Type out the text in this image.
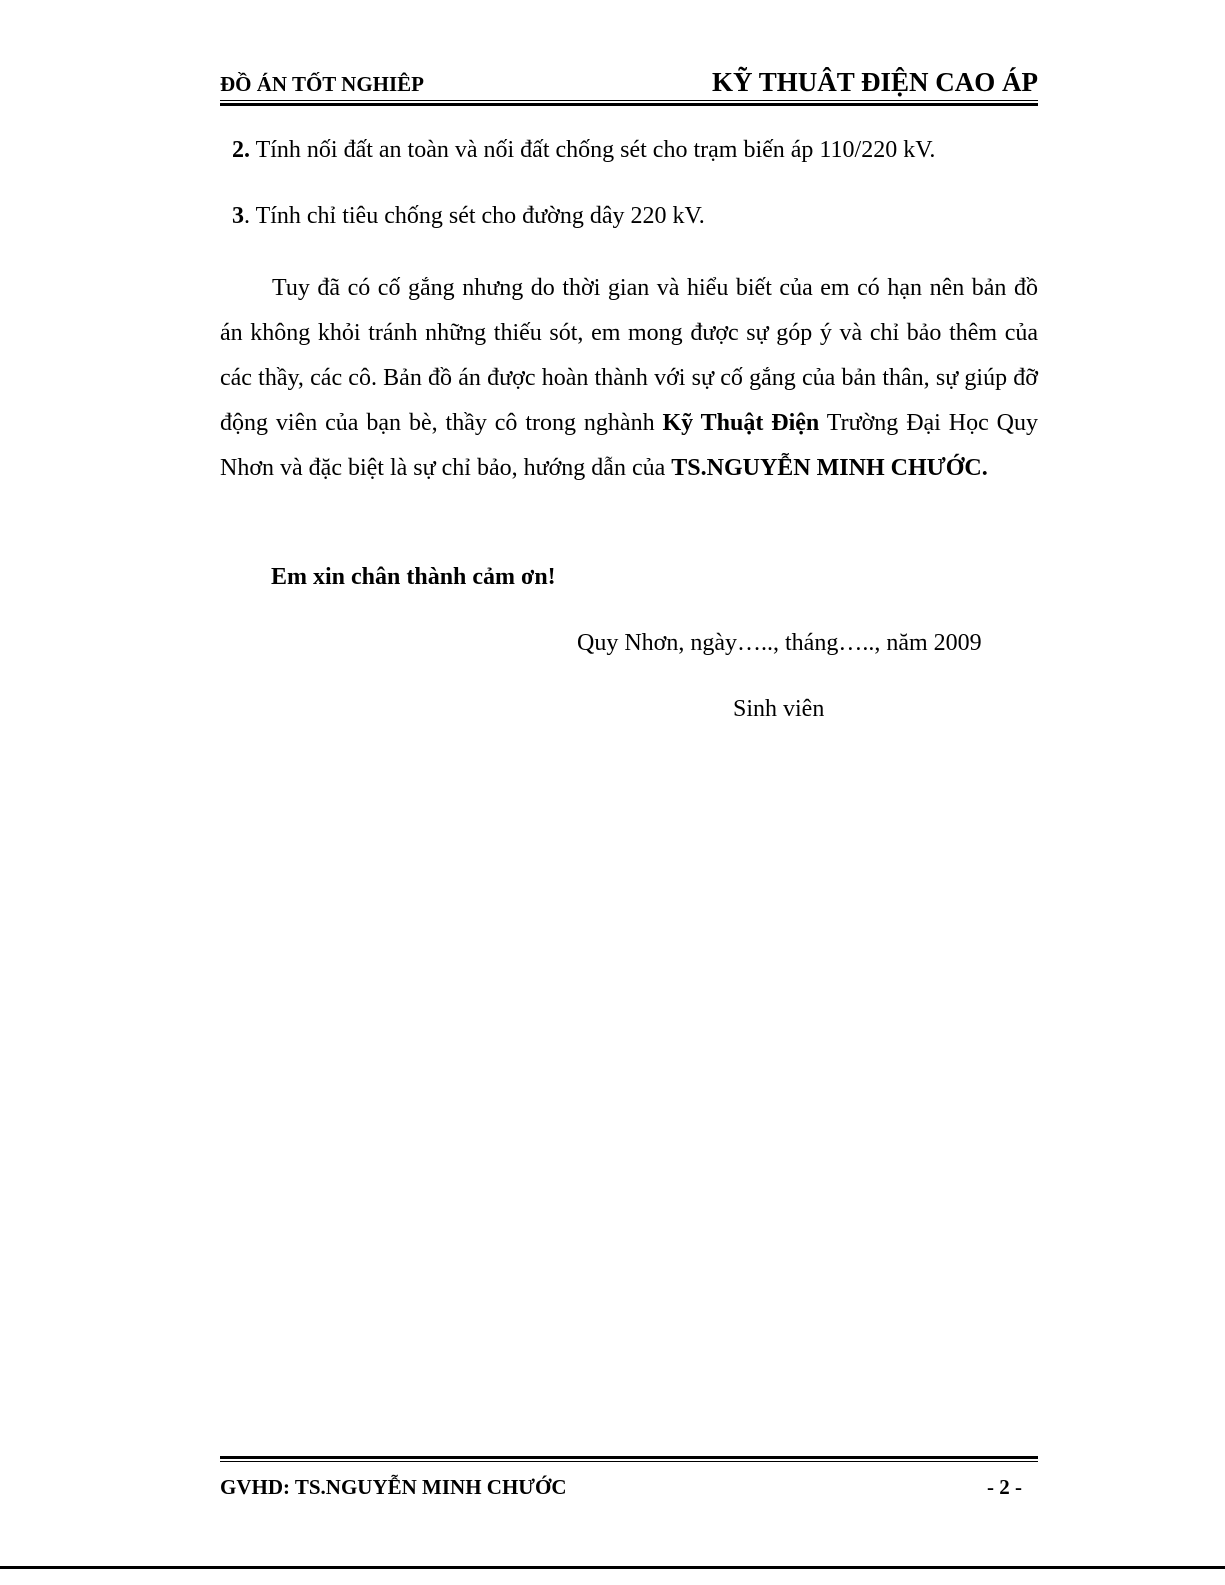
ĐỒ ÁN TỐT NGHIÊP	KỸ THUÂT ĐIỆN CAO ÁP
2. Tính nối đất an toàn và nối đất chống sét cho trạm biến áp 110/220 kV.
3. Tính chỉ tiêu chống sét cho đường dây 220 kV.
Tuy đã có cố gắng nhưng do thời gian và hiểu biết của em có hạn nên bản đồ án không khỏi tránh những thiếu sót, em mong được sự góp ý và chỉ bảo thêm của các thầy, các cô. Bản đồ án được hoàn thành với sự cố gắng của bản thân, sự giúp đỡ động viên của bạn bè, thầy cô trong nghành Kỹ Thuật Điện Trường Đại Học Quy Nhơn và đặc biệt là sự chỉ bảo, hướng dẫn của TS.NGUYỄN MINH CHƯỚC.
Em xin chân thành cảm ơn!
Quy Nhơn, ngày….., tháng….., năm 2009
Sinh viên
GVHD: TS.NGUYỄN MINH CHƯỚC	- 2 -
